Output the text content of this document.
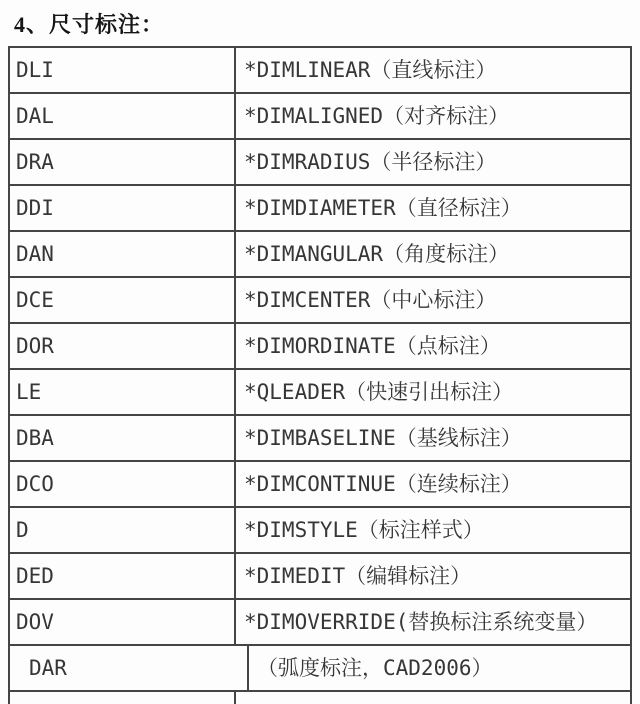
4、尺寸标注：
DLI	*DIMLINEAR（直线标注）
DAL	*DIMALIGNED（对齐标注）
DRA	*DIMRADIUS（半径标注）
DDI	*DIMDIAMETER（直径标注）
DAN	*DIMANGULAR（角度标注）
DCE	*DIMCENTER（中心标注）
DOR	*DIMORDINATE（点标注）
LE	*QLEADER（快速引出标注）
DBA	*DIMBASELINE（基线标注）
DCO	*DIMCONTINUE（连续标注）
D	*DIMSTYLE（标注样式）
DED	*DIMEDIT（编辑标注）
DOV	*DIMOVERRIDE(替换标注系统变量）
DAR	（弧度标注，CAD2006）
